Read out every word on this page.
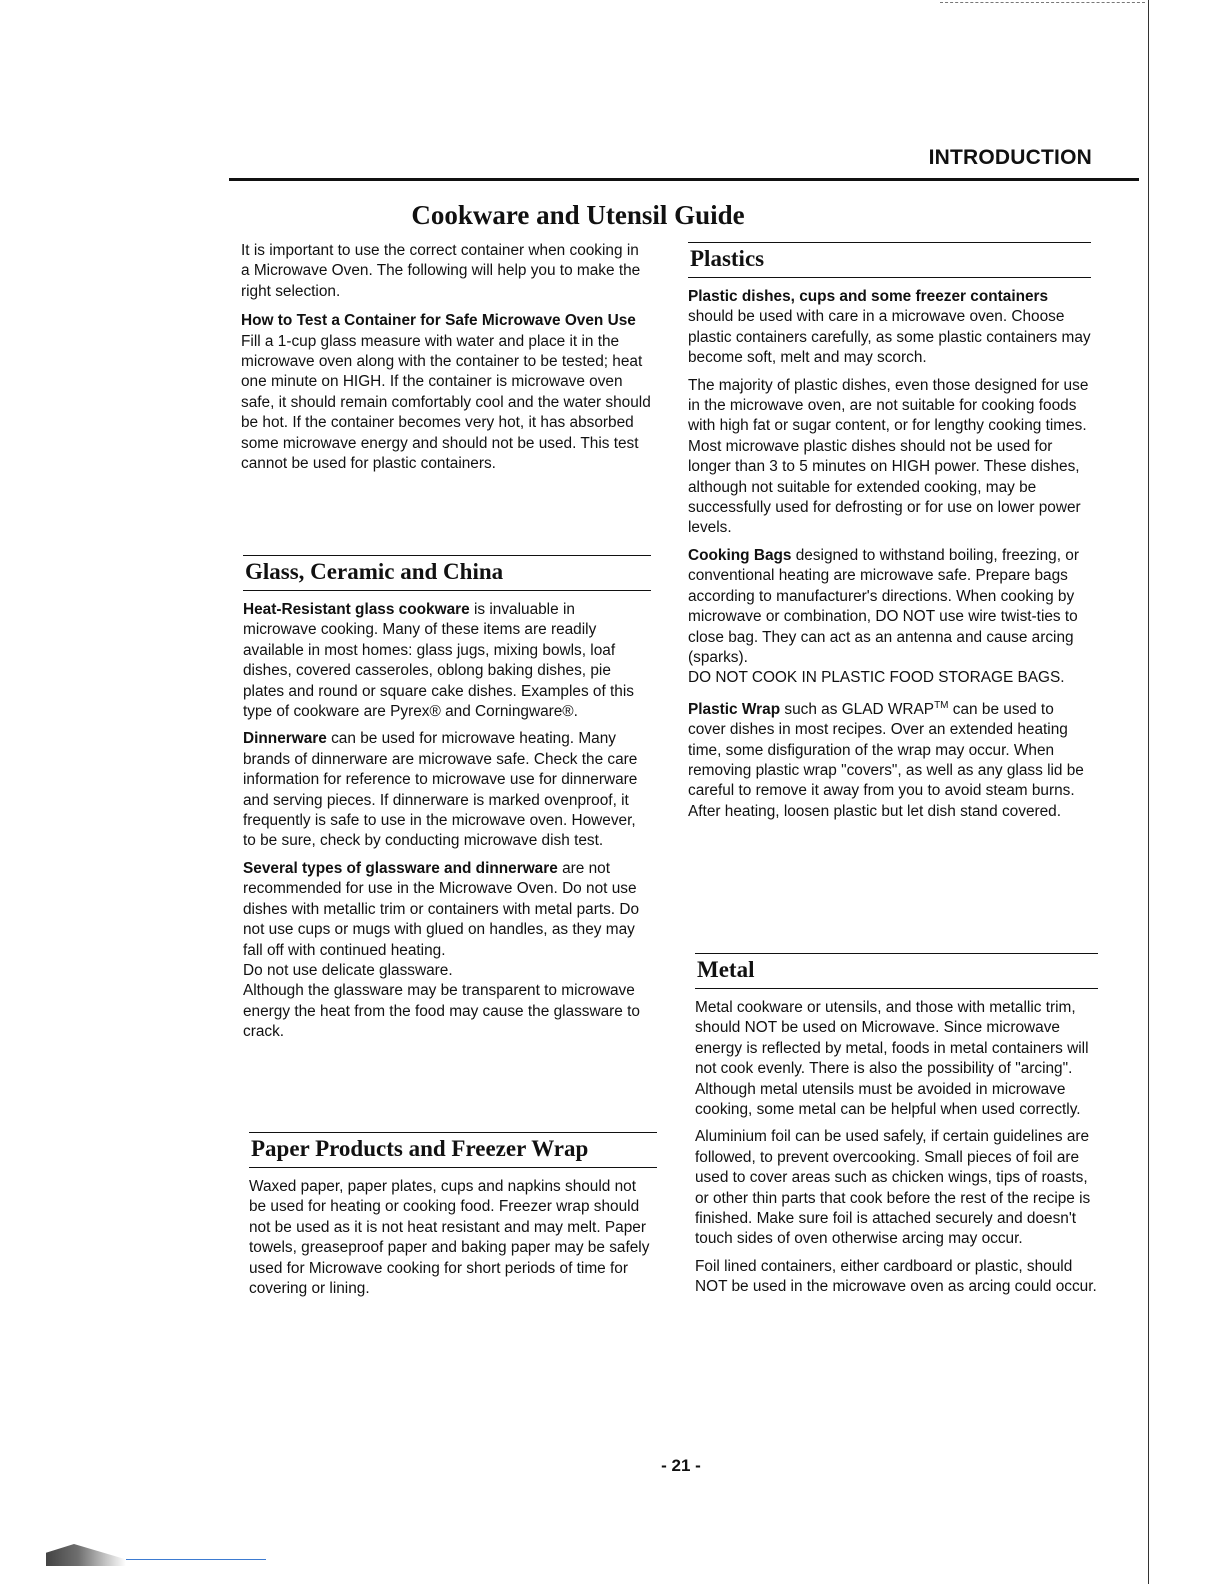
INTRODUCTION
Cookware and Utensil Guide

It is important to use the correct container when cooking in a Microwave Oven. The following will help you to make the right selection.

How to Test a Container for Safe Microwave Oven Use

Fill a 1-cup glass measure with water and place it in the microwave oven along with the container to be tested; heat one minute on HIGH. If the container is microwave oven safe, it should remain comfortably cool and the water should be hot. If the container becomes very hot, it has absorbed some microwave energy and should not be used. This test cannot be used for plastic containers.

Glass, Ceramic and China

Heat-Resistant glass cookware is invaluable in microwave cooking. Many of these items are readily available in most homes: glass jugs, mixing bowls, loaf dishes, covered casseroles, oblong baking dishes, pie plates and round or square cake dishes. Examples of this type of cookware are Pyrex® and Corningware®.

Dinnerware can be used for microwave heating. Many brands of dinnerware are microwave safe. Check the care information for reference to microwave use for dinnerware and serving pieces. If dinnerware is marked ovenproof, it frequently is safe to use in the microwave oven. However, to be sure, check by conducting microwave dish test.

Several types of glassware and dinnerware are not recommended for use in the Microwave Oven. Do not use dishes with metallic trim or containers with metal parts. Do not use cups or mugs with glued on handles, as they may fall off with continued heating.

Do not use delicate glassware.
Although the glassware may be transparent to microwave energy the heat from the food may cause the glassware to crack.
Paper Products and Freezer Wrap

Waxed paper, paper plates, cups and napkins should not be used for heating or cooking food. Freezer wrap should not be used as it is not heat resistant and may melt. Paper towels, greaseproof paper and baking paper may be safely used for Microwave cooking for short periods of time for covering or lining.

Plastics

Plastic dishes, cups and some freezer containers should be used with care in a microwave oven. Choose plastic containers carefully, as some plastic containers may become soft, melt and may scorch.

The majority of plastic dishes, even those designed for use in the microwave oven, are not suitable for cooking foods with high fat or sugar content, or for lengthy cooking times. Most microwave plastic dishes should not be used for longer than 3 to 5 minutes on HIGH power. These dishes, although not suitable for extended cooking, may be successfully used for defrosting or for use on lower power levels.

Cooking Bags designed to withstand boiling, freezing, or conventional heating are microwave safe. Prepare bags according to manufacturer's directions. When cooking by microwave or combination, DO NOT use wire twist-ties to close bag. They can act as an antenna and cause arcing (sparks).

DO NOT COOK IN PLASTIC FOOD STORAGE BAGS.

Plastic Wrap such as GLAD WRAP™ can be used to cover dishes in most recipes. Over an extended heating time, some disfiguration of the wrap may occur. When removing plastic wrap "covers", as well as any glass lid be careful to remove it away from you to avoid steam burns. After heating, loosen plastic but let dish stand covered.

Metal

Metal cookware or utensils, and those with metallic trim, should NOT be used on Microwave. Since microwave energy is reflected by metal, foods in metal containers will not cook evenly. There is also the possibility of "arcing".

Although metal utensils must be avoided in microwave cooking, some metal can be helpful when used correctly.

Aluminium foil can be used safely, if certain guidelines are followed, to prevent overcooking. Small pieces of foil are used to cover areas such as chicken wings, tips of roasts, or other thin parts that cook before the rest of the recipe is finished. Make sure foil is attached securely and doesn't touch sides of oven otherwise arcing may occur.

Foil lined containers, either cardboard or plastic, should NOT be used in the microwave oven as arcing could occur.

- 21 -
